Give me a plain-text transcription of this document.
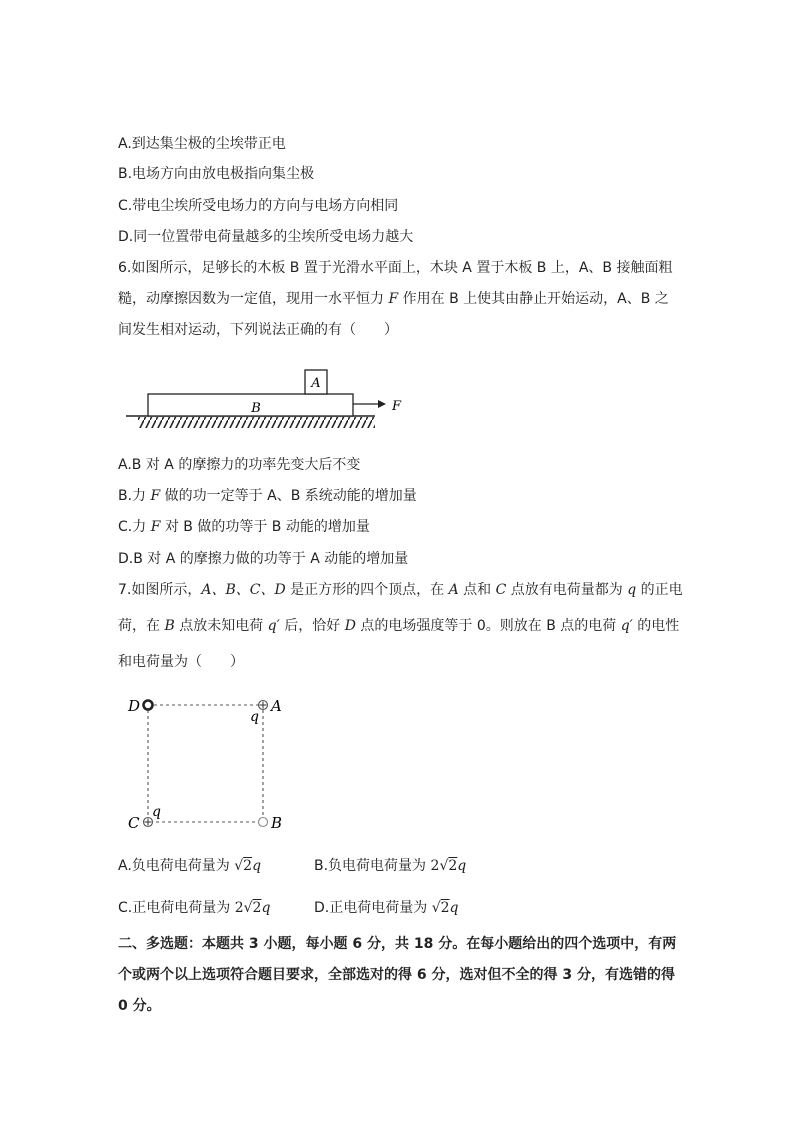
A.到达集尘极的尘埃带正电
B.电场方向由放电极指向集尘极
C.带电尘埃所受电场力的方向与电场方向相同
D.同一位置带电荷量越多的尘埃所受电场力越大
6.如图所示，足够长的木板 B 置于光滑水平面上，木块 A 置于木板 B 上，A、B 接触面粗
糙，动摩擦因数为一定值，现用一水平恒力 F 作用在 B 上使其由静止开始运动，A、B 之
间发生相对运动，下列说法正确的有（　　）
A
B	F
A.B 对 A 的摩擦力的功率先变大后不变
B.力 F 做的功一定等于 A、B 系统动能的增加量
C.力 F 对 B 做的功等于 B 动能的增加量
D.B 对 A 的摩擦力做的功等于 A 动能的增加量
7.如图所示，A、B、C、D 是正方形的四个顶点，在 A 点和 C 点放有电荷量都为 q 的正电
荷，在 B 点放未知电荷 q′ 后，恰好 D 点的电场强度等于 0。则放在 B 点的电荷 q′ 的电性
和电荷量为（　　）
D	A
q
C	B
q
A.负电荷电荷量为 √2q	B.负电荷电荷量为 2√2q
C.正电荷电荷量为 2√2q	D.正电荷电荷量为 √2q
二、多选题：本题共 3 小题，每小题 6 分，共 18 分。在每小题给出的四个选项中，有两
个或两个以上选项符合题目要求，全部选对的得 6 分，选对但不全的得 3 分，有选错的得
0 分。
